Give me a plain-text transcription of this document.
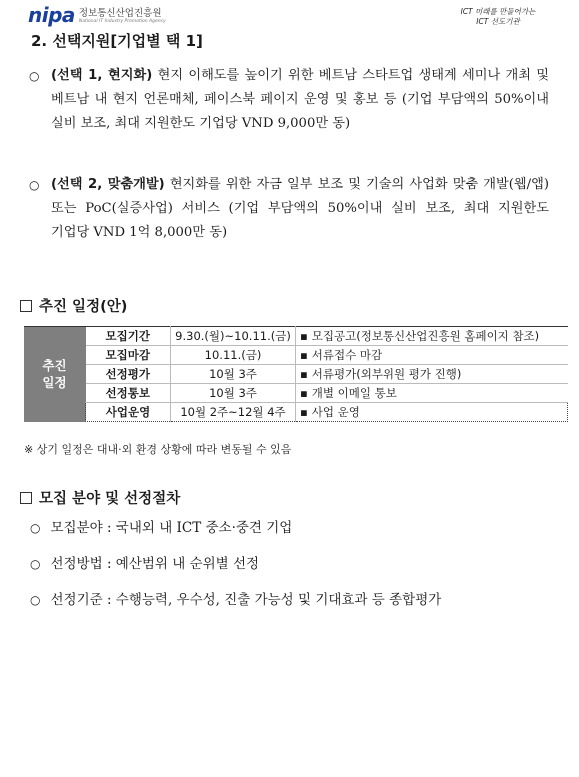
nipa 정보통신산업진흥원
National IT Industry Promotion Agency
ICT 미래를 만들어가는
ICT 선도기관
2. 선택지원[기업별 택 1]
○ (선택 1, 현지화) 현지 이해도를 높이기 위한 베트남 스타트업 생태계 세미나 개최 및 베트남 내 현지 언론매체, 페이스북 페이지 운영 및 홍보 등 (기업 부담액의 50%이내 실비 보조, 최대 지원한도 기업당 VND 9,000만 동)
○ (선택 2, 맞춤개발) 현지화를 위한 자금 일부 보조 및 기술의 사업화 맞춤 개발(웹/앱) 또는 PoC(실증사업) 서비스 (기업 부담액의 50%이내 실비 보조, 최대 지원한도 기업당 VND 1억 8,000만 동)
추진 일정(안)
추진
일정	모집기간	9.30.(월)~10.11.(금)	▪ 모집공고(정보통신산업진흥원 홈페이지 참조)
	모집마감	10.11.(금)	▪ 서류접수 마감
	선정평가	10월 3주	▪ 서류평가(외부위원 평가 진행)
	선정통보	10월 3주	▪ 개별 이메일 통보
	사업운영	10월 2주~12월 4주	▪ 사업 운영
※ 상기 일정은 대내·외 환경 상황에 따라 변동될 수 있음
모집 분야 및 선정절차
○ 모집분야 : 국내외 내 ICT 중소·중견 기업
○ 선정방법 : 예산범위 내 순위별 선정
○ 선정기준 : 수행능력, 우수성, 진출 가능성 및 기대효과 등 종합평가
